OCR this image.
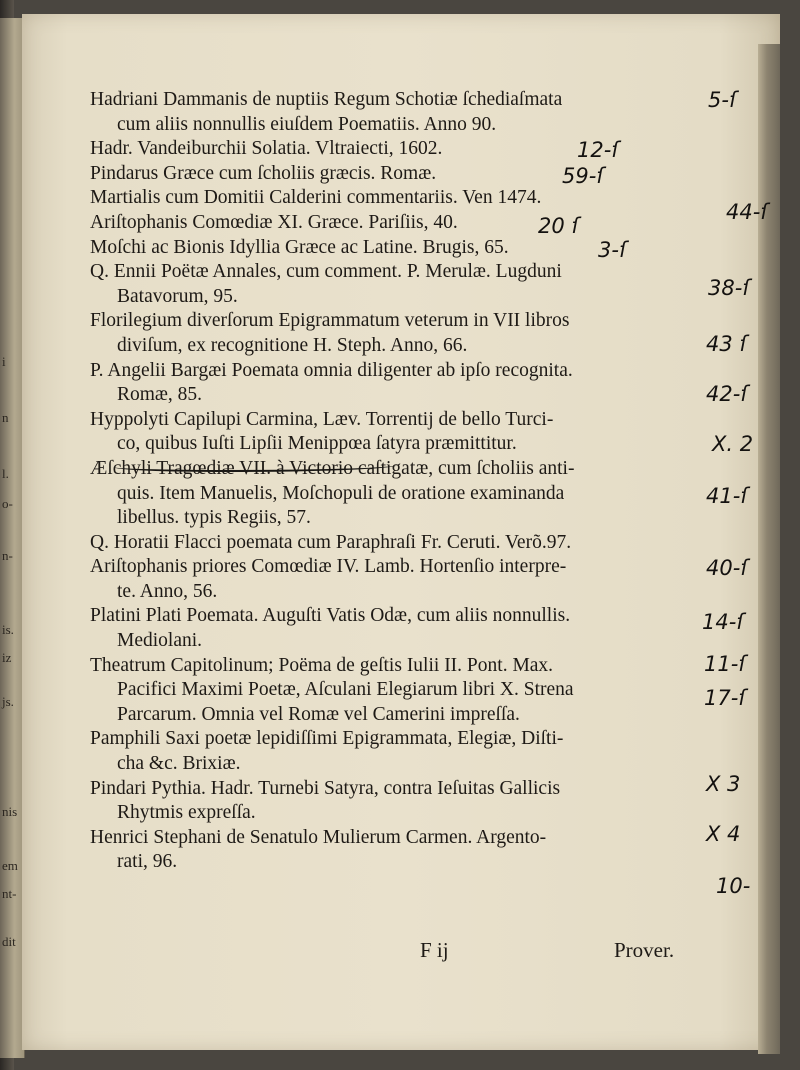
i
n
l.
o-
n-
is.
iz
js.
nis
em
nt-
dit
Hadriani Dammanis de nuptiis Regum Schotiæ ſchediaſmata
cum aliis nonnullis eiuſdem Poematiis. Anno 90.
Hadr. Vandeiburchii Solatia. Vltraiecti, 1602.
Pindarus Græce cum ſcholiis græcis. Romæ.
Martialis cum Domitii Calderini commentariis. Ven 1474.
Ariſtophanis Comœdiæ XI. Græce. Pariſiis, 40.
Moſchi ac Bionis Idyllia Græce ac Latine. Brugis, 65.
Q. Ennii Poëtæ Annales, cum comment. P. Merulæ. Lugduni
Batavorum, 95.
Florilegium diverſorum Epigrammatum veterum in VII libros
diviſum, ex recognitione H. Steph. Anno, 66.
P. Angelii Bargæi Poemata omnia diligenter ab ipſo recognita.
Romæ, 85.
Hyppolyti Capilupi Carmina, Læv. Torrentij de bello Turci-
co, quibus Iuſti Lipſii Menippœa ſatyra præmittitur.
Æſchyli Tragœdiæ VII. à Victorio caſtigatæ, cum ſcholiis anti-
quis. Item Manuelis, Moſchopuli de oratione examinanda
libellus. typis Regiis, 57.
Q. Horatii Flacci poemata cum Paraphraſi Fr. Ceruti. Verõ.97.
Ariſtophanis priores Comœdiæ IV. Lamb. Hortenſio interpre-
te. Anno, 56.
Platini Plati Poemata. Auguſti Vatis Odæ, cum aliis nonnullis.
Mediolani.
Theatrum Capitolinum; Poëma de geſtis Iulii II. Pont. Max.
Pacifici Maximi Poetæ, Aſculani Elegiarum libri X. Strena
Parcarum. Omnia vel Romæ vel Camerini impreſſa.
Pamphili Saxi poetæ lepidiſſimi Epigrammata, Elegiæ, Diſti-
cha &c. Brixiæ.
Pindari Pythia. Hadr. Turnebi Satyra, contra Ieſuitas Gallicis
Rhytmis expreſſa.
Henrici Stephani de Senatulo Mulierum Carmen. Argento-
rati, 96.
5-ſ
12-ſ
59-ſ
44-ſ
20 ſ
3-ſ
38-ſ
43 ſ
42-ſ
X. 2
41-ſ
40-ſ
14-ſ
11-ſ
17-ſ
X 3
X 4
10-
F ij	Prover.
